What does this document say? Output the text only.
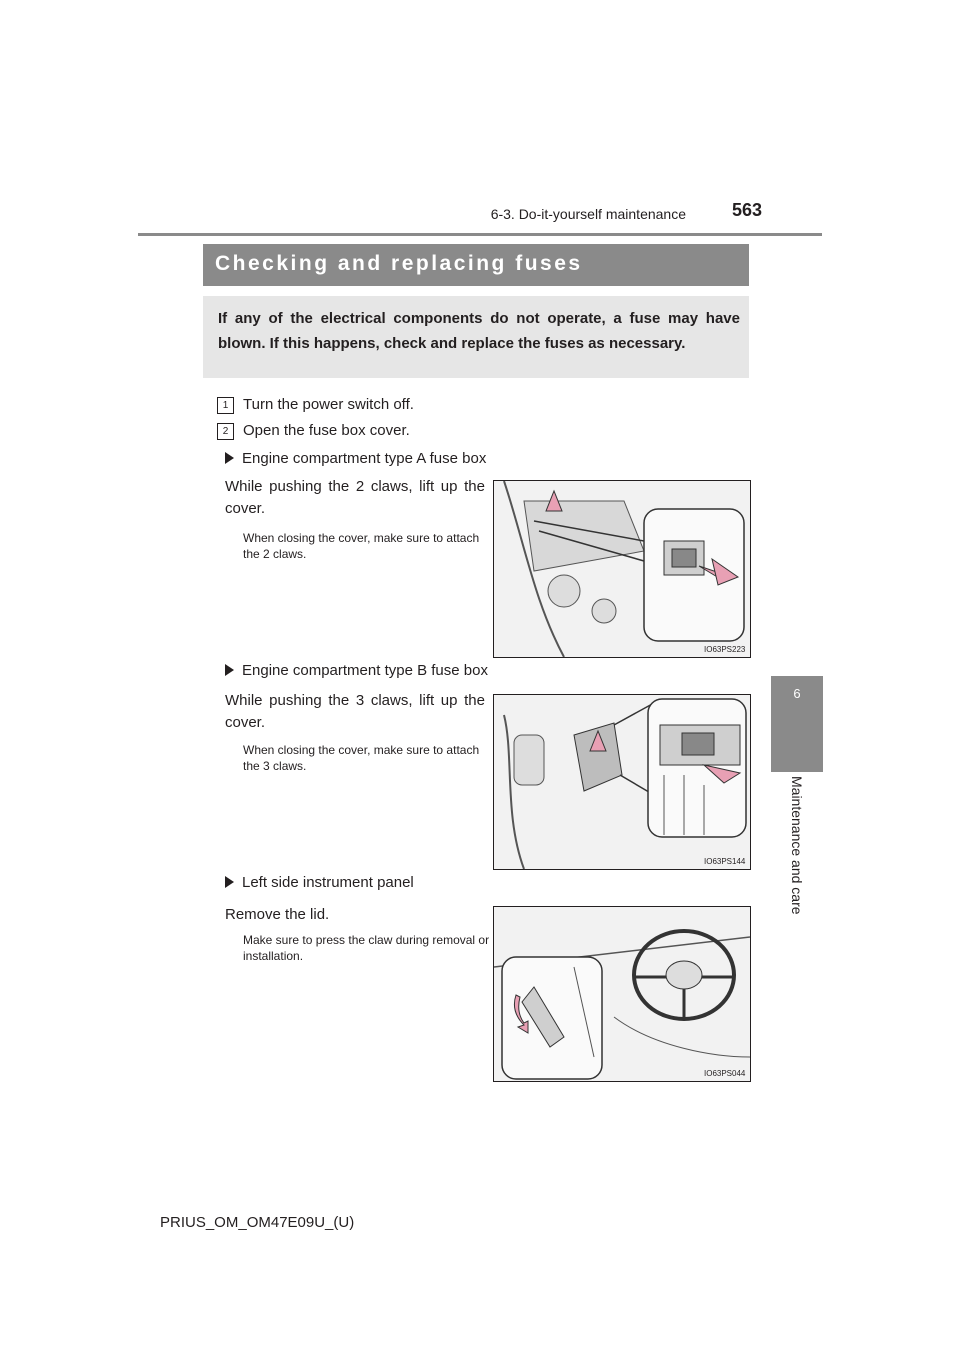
6-3. Do-it-yourself maintenance	563
6
Maintenance and care
Checking and replacing fuses
If any of the electrical components do not operate, a fuse may have blown. If this happens, check and replace the fuses as necessary.
1 Turn the power switch off.
2 Open the fuse box cover.
Engine compartment type A fuse box
While pushing the 2 claws, lift up the cover.
When closing the cover, make sure to attach the 2 claws.
IO63PS223
Engine compartment type B fuse box
While pushing the 3 claws, lift up the cover.
When closing the cover, make sure to attach the 3 claws.
IO63PS144
Left side instrument panel
Remove the lid.
Make sure to press the claw during removal or installation.
IO63PS044
PRIUS_OM_OM47E09U_(U)
